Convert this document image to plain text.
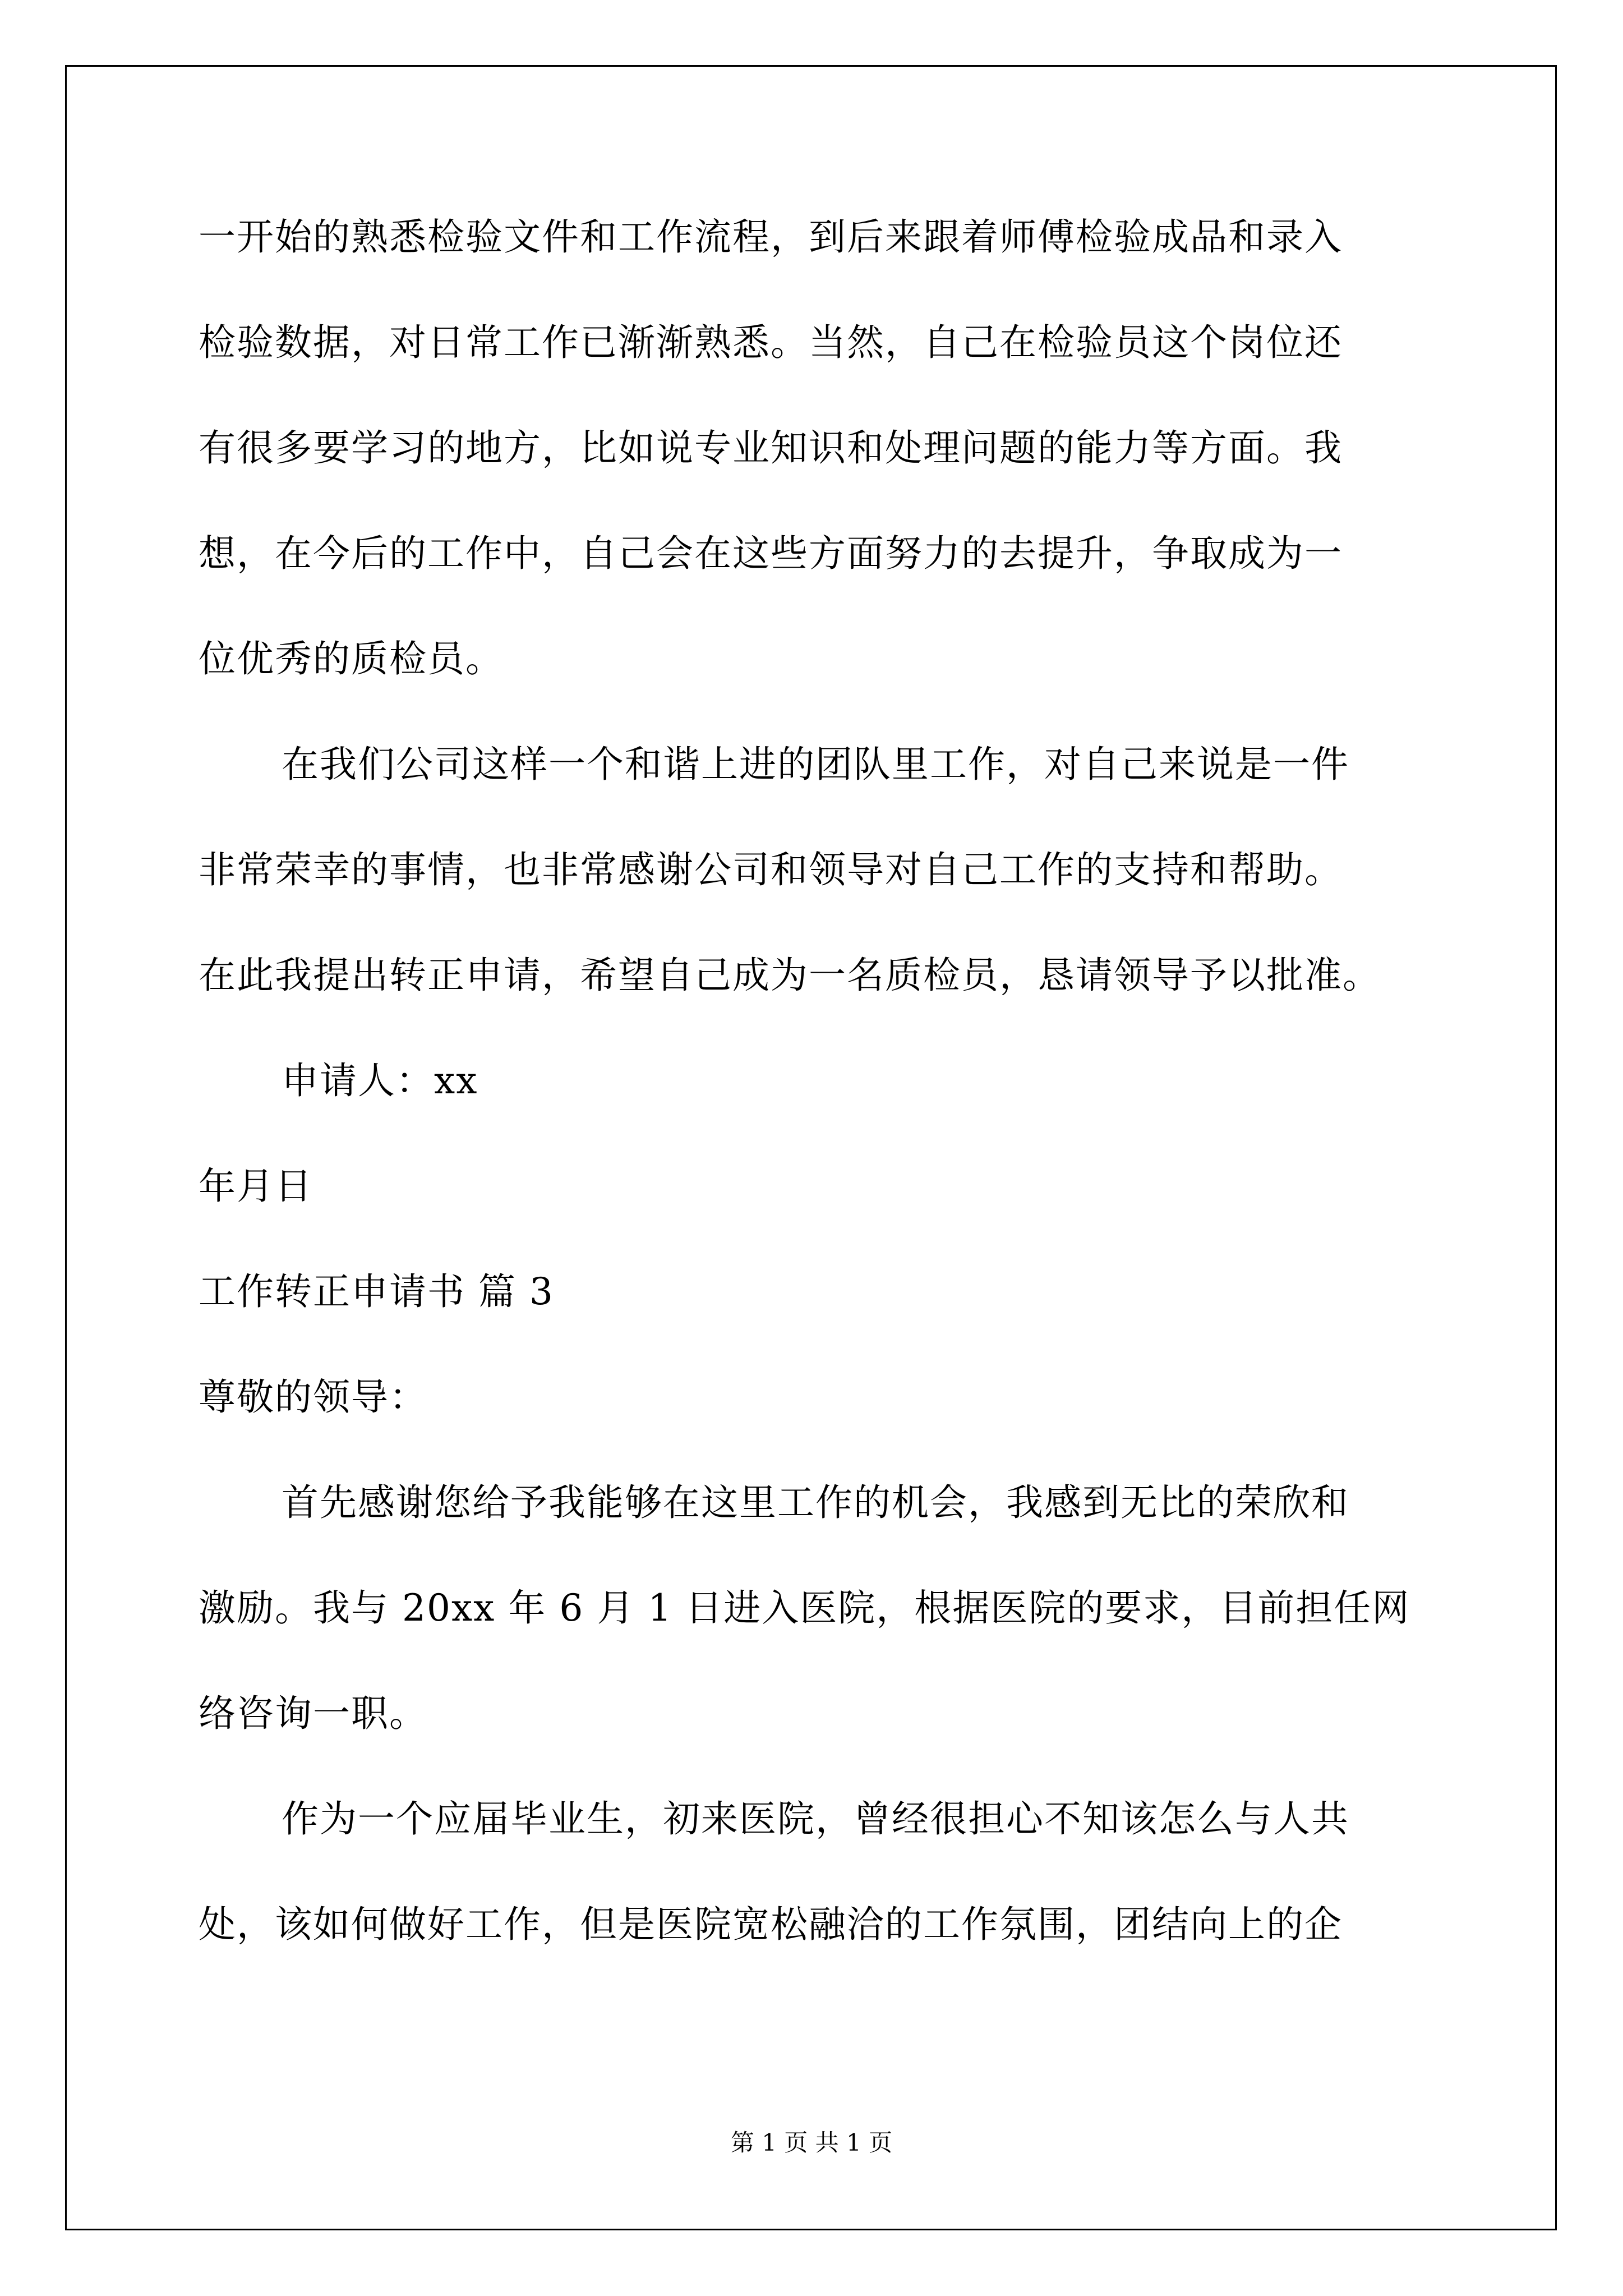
一开始的熟悉检验文件和工作流程，到后来跟着师傅检验成品和录入
检验数据，对日常工作已渐渐熟悉。当然，自己在检验员这个岗位还
有很多要学习的地方，比如说专业知识和处理问题的能力等方面。我
想，在今后的工作中，自己会在这些方面努力的去提升，争取成为一
位优秀的质检员。
在我们公司这样一个和谐上进的团队里工作，对自己来说是一件
非常荣幸的事情，也非常感谢公司和领导对自己工作的支持和帮助。
在此我提出转正申请，希望自己成为一名质检员，恳请领导予以批准。
申请人：xx
年月日
工作转正申请书 篇 3
尊敬的领导：
首先感谢您给予我能够在这里工作的机会，我感到无比的荣欣和
激励。我与 20xx 年 6 月 1 日进入医院，根据医院的要求，目前担任网
络咨询一职。
作为一个应届毕业生，初来医院，曾经很担心不知该怎么与人共
处，该如何做好工作，但是医院宽松融洽的工作氛围，团结向上的企
第 1 页 共 1 页
